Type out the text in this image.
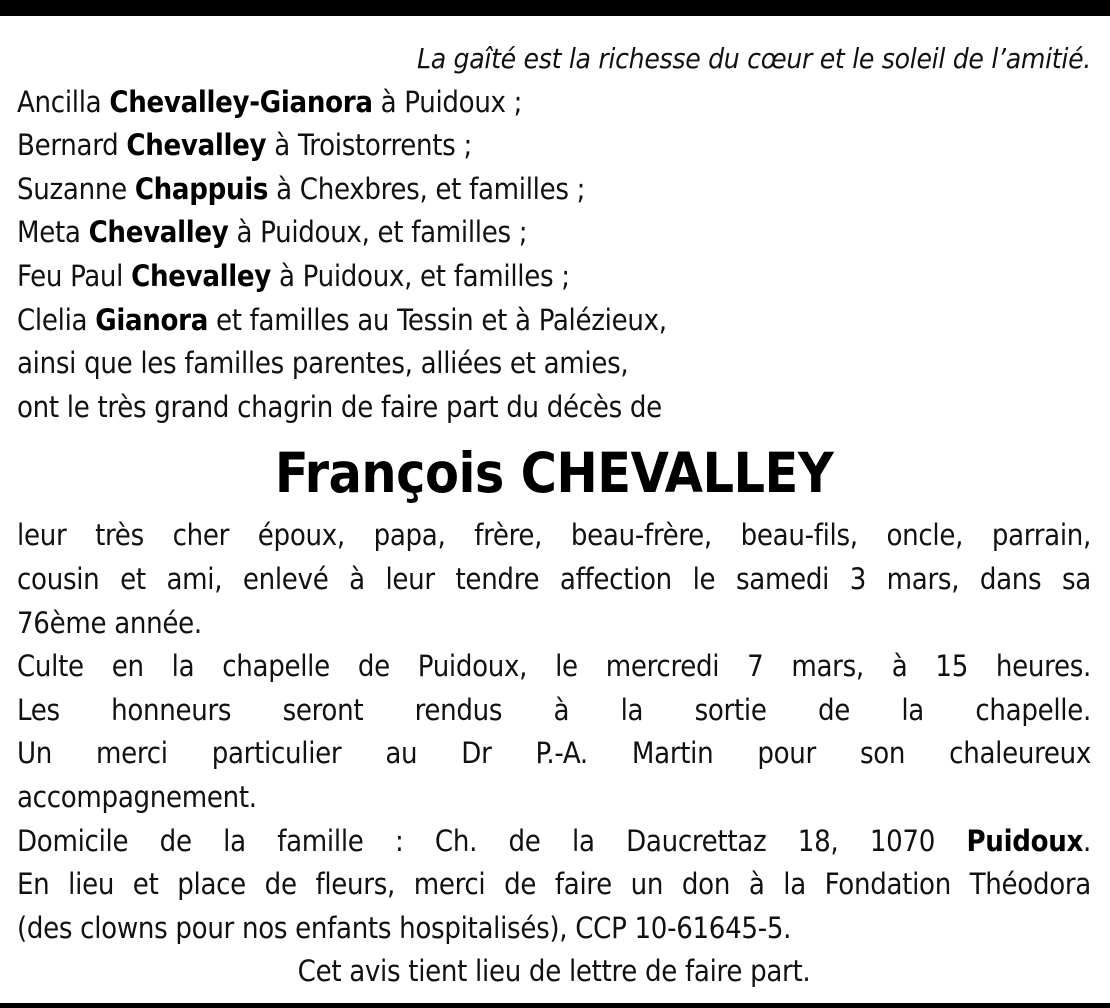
La gaîté est la richesse du cœur et le soleil de l’amitié.
Ancilla Chevalley-Gianora à Puidoux ;
Bernard Chevalley à Troistorrents ;
Suzanne Chappuis à Chexbres, et familles ;
Meta Chevalley à Puidoux, et familles ;
Feu Paul Chevalley à Puidoux, et familles ;
Clelia Gianora et familles au Tessin et à Palézieux,
ainsi que les familles parentes, alliées et amies,
ont le très grand chagrin de faire part du décès de
François CHEVALLEY
leur très cher époux, papa, frère, beau-frère, beau-fils, oncle, parrain,
cousin et ami, enlevé à leur tendre affection le samedi 3 mars, dans sa
76ème année.
Culte en la chapelle de Puidoux, le mercredi 7 mars, à 15 heures.
Les honneurs seront rendus à la sortie de la chapelle.
Un merci particulier au Dr P.-A. Martin pour son chaleureux
accompagnement.
Domicile de la famille : Ch. de la Daucrettaz 18, 1070 Puidoux.
En lieu et place de fleurs, merci de faire un don à la Fondation Théodora
(des clowns pour nos enfants hospitalisés), CCP 10-61645-5.
Cet avis tient lieu de lettre de faire part.
